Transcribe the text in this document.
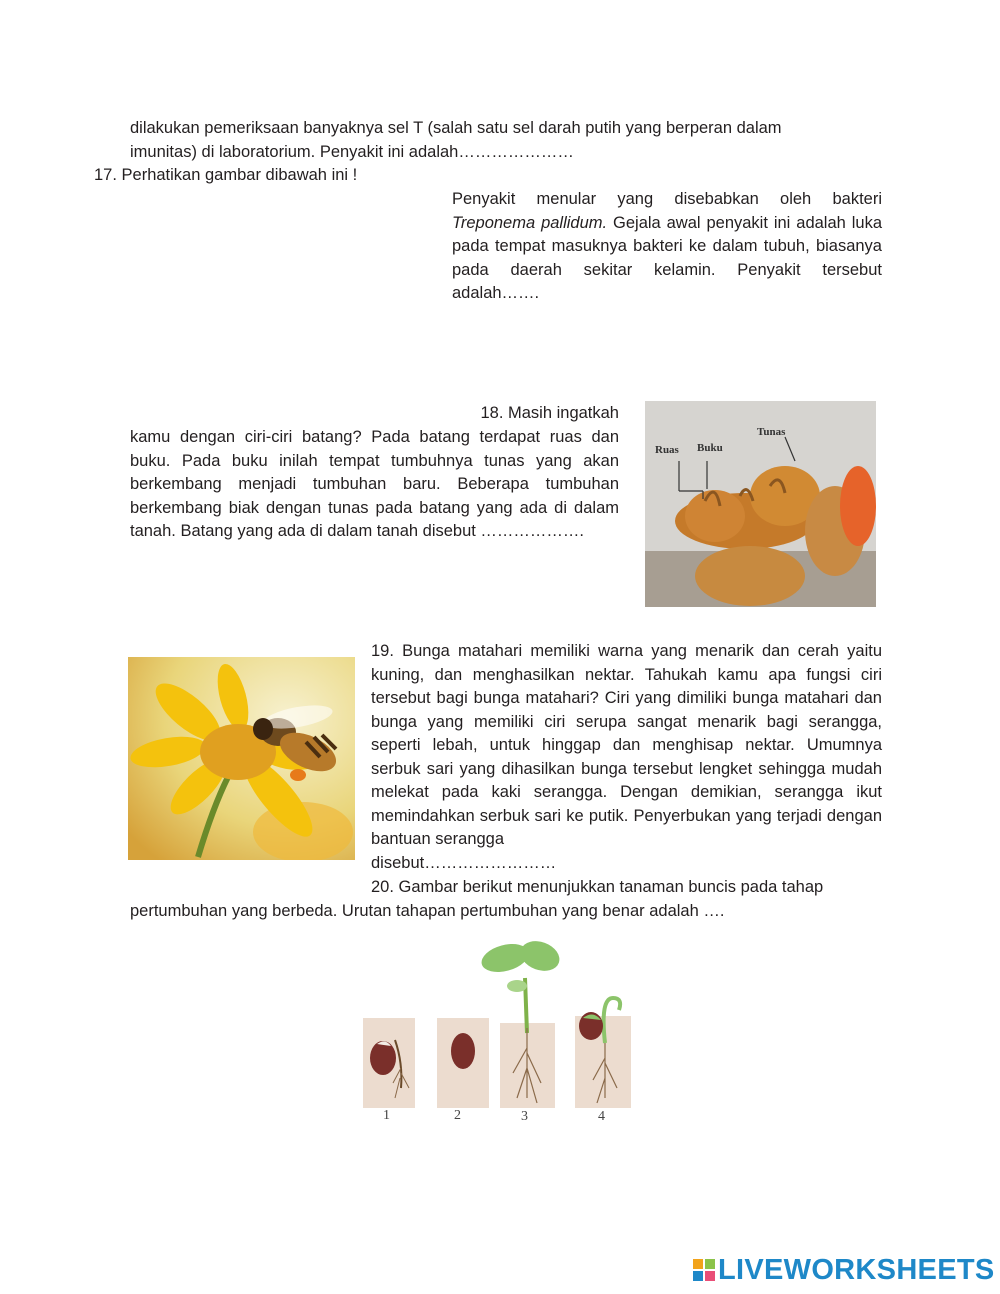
dilakukan pemeriksaan banyaknya sel T (salah satu sel darah putih yang berperan dalam
imunitas) di laboratorium. Penyakit ini adalah…………………
17. Perhatikan gambar dibawah ini !
Penyakit menular yang disebabkan oleh bakteri Treponema pallidum. Gejala awal penyakit ini adalah luka pada tempat masuknya bakteri ke dalam tubuh, biasanya pada daerah sekitar kelamin. Penyakit tersebut adalah…….
18. Masih ingatkah
kamu dengan ciri-ciri batang? Pada batang terdapat ruas dan buku. Pada buku inilah tempat tumbuhnya tunas yang akan berkembang menjadi tumbuhan baru. Beberapa tumbuhan berkembang biak dengan tunas pada batang yang ada di dalam tanah. Batang yang ada di dalam tanah disebut ……………….
Ruas Buku
Tunas
19. Bunga matahari memiliki warna yang menarik dan cerah yaitu kuning, dan menghasilkan nektar. Tahukah kamu apa fungsi ciri tersebut bagi bunga matahari? Ciri yang dimiliki bunga matahari dan bunga yang memiliki ciri serupa sangat menarik bagi serangga, seperti lebah, untuk hinggap dan menghisap nektar. Umumnya serbuk sari yang dihasilkan bunga tersebut lengket sehingga mudah melekat pada kaki serangga. Dengan demikian, serangga ikut memindahkan serbuk sari ke putik. Penyerbukan yang terjadi dengan bantuan serangga
disebut……………………
20. Gambar berikut menunjukkan tanaman buncis pada tahap
pertumbuhan yang berbeda. Urutan tahapan pertumbuhan yang benar adalah ….
1	2	3	4
LIVEWORKSHEETS
